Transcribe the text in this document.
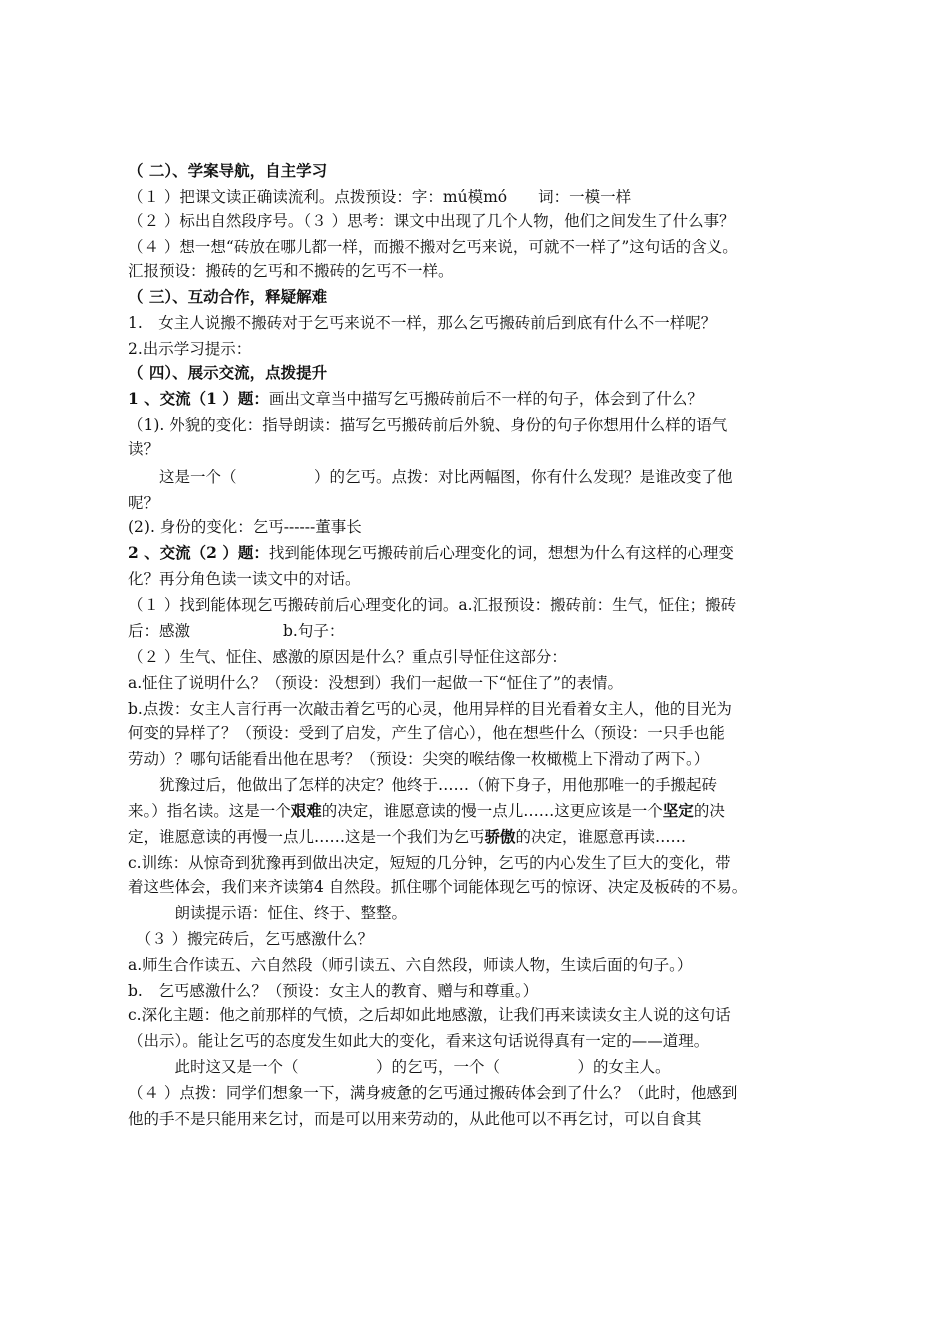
（ 二）、学案导航，自主学习
（１ ）把课文读正确读流利。点拨预设：字：mú模mó　　词：一模一样
（２ ）标出自然段序号。（３ ）思考：课文中出现了几个人物，他们之间发生了什么事？
（４ ）想一想“砖放在哪儿都一样，而搬不搬对乞丐来说，可就不一样了”这句话的含义。
汇报预设：搬砖的乞丐和不搬砖的乞丐不一样。
（ 三）、互动合作，释疑解难
1.　女主人说搬不搬砖对于乞丐来说不一样，那么乞丐搬砖前后到底有什么不一样呢？
2.出示学习提示：
（ 四）、展示交流，点拨提升
1 、交流（1 ）题：画出文章当中描写乞丐搬砖前后不一样的句子，体会到了什么？
（1). 外貌的变化：指导朗读：描写乞丐搬砖前后外貌、身份的句子你想用什么样的语气
读？
　　这是一个（　　　　　）的乞丐。点拨：对比两幅图，你有什么发现？是谁改变了他
呢？
(2). 身份的变化：乞丐------董事长
2 、交流（2 ）题：找到能体现乞丐搬砖前后心理变化的词，想想为什么有这样的心理变
化？再分角色读一读文中的对话。
（１ ）找到能体现乞丐搬砖前后心理变化的词。a.汇报预设：搬砖前：生气，怔住；搬砖
后：感激　　　　　　b.句子：
（２ ）生气、怔住、感激的原因是什么？重点引导怔住这部分：
a.怔住了说明什么？（预设：没想到）我们一起做一下“怔住了”的表情。
b.点拨：女主人言行再一次敲击着乞丐的心灵，他用异样的目光看着女主人，他的目光为
何变的异样了？（预设：受到了启发，产生了信心），他在想些什么（预设：一只手也能
劳动）？哪句话能看出他在思考？（预设：尖突的喉结像一枚橄榄上下滑动了两下。）
　　犹豫过后，他做出了怎样的决定？他终于……（俯下身子，用他那唯一的手搬起砖
来。）指名读。这是一个艰难的决定，谁愿意读的慢一点儿……这更应该是一个坚定的决
定，谁愿意读的再慢一点儿……这是一个我们为乞丐骄傲的决定，谁愿意再读……
c.训练：从惊奇到犹豫再到做出决定，短短的几分钟，乞丐的内心发生了巨大的变化，带
着这些体会，我们来齐读第4 自然段。抓住哪个词能体现乞丐的惊讶、决定及板砖的不易。
　　　朗读提示语：怔住、终于、整整。
　（３ ）搬完砖后，乞丐感激什么？
a.师生合作读五、六自然段（师引读五、六自然段，师读人物，生读后面的句子。）
b.　乞丐感激什么？（预设：女主人的教育、赠与和尊重。）
c.深化主题：他之前那样的气愤，之后却如此地感激，让我们再来读读女主人说的这句话
（出示）。能让乞丐的态度发生如此大的变化，看来这句话说得真有一定的——道理。
　　　此时这又是一个（　　　　　）的乞丐，一个（　　　　　）的女主人。
（４ ）点拨：同学们想象一下，满身疲惫的乞丐通过搬砖体会到了什么？（此时，他感到
他的手不是只能用来乞讨，而是可以用来劳动的，从此他可以不再乞讨，可以自食其
